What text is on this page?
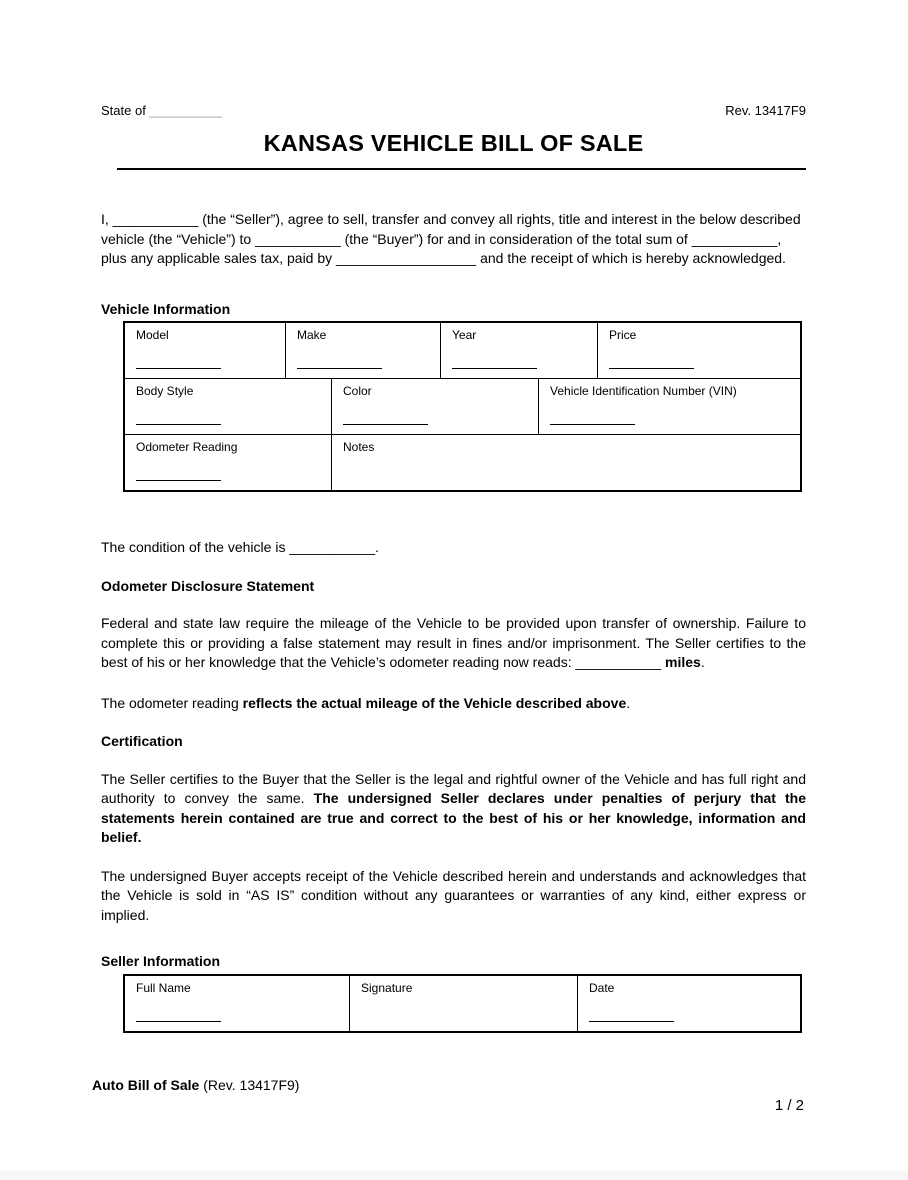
State of __________	Rev. 13417F9
KANSAS VEHICLE BILL OF SALE

I, ___________ (the “Seller”), agree to sell, transfer and convey all rights, title and interest in the below described vehicle (the “Vehicle”) to ___________ (the “Buyer”) for and in consideration of the total sum of ___________, plus any applicable sales tax, paid by __________________ and the receipt of which is hereby acknowledged.

Vehicle Information
Model	Make	Year	Price
Body Style	Color	Vehicle Identification Number (VIN)
Odometer Reading	Notes

The condition of the vehicle is ___________.

Odometer Disclosure Statement

Federal and state law require the mileage of the Vehicle to be provided upon transfer of ownership. Failure to complete this or providing a false statement may result in fines and/or imprisonment. The Seller certifies to the best of his or her knowledge that the Vehicle’s odometer reading now reads: ___________ miles.

The odometer reading reflects the actual mileage of the Vehicle described above.

Certification

The Seller certifies to the Buyer that the Seller is the legal and rightful owner of the Vehicle and has full right and authority to convey the same. The undersigned Seller declares under penalties of perjury that the statements herein contained are true and correct to the best of his or her knowledge, information and belief.

The undersigned Buyer accepts receipt of the Vehicle described herein and understands and acknowledges that the Vehicle is sold in “AS IS” condition without any guarantees or warranties of any kind, either express or implied.

Seller Information
Full Name	Signature	Date
Auto Bill of Sale (Rev. 13417F9)
1 / 2
